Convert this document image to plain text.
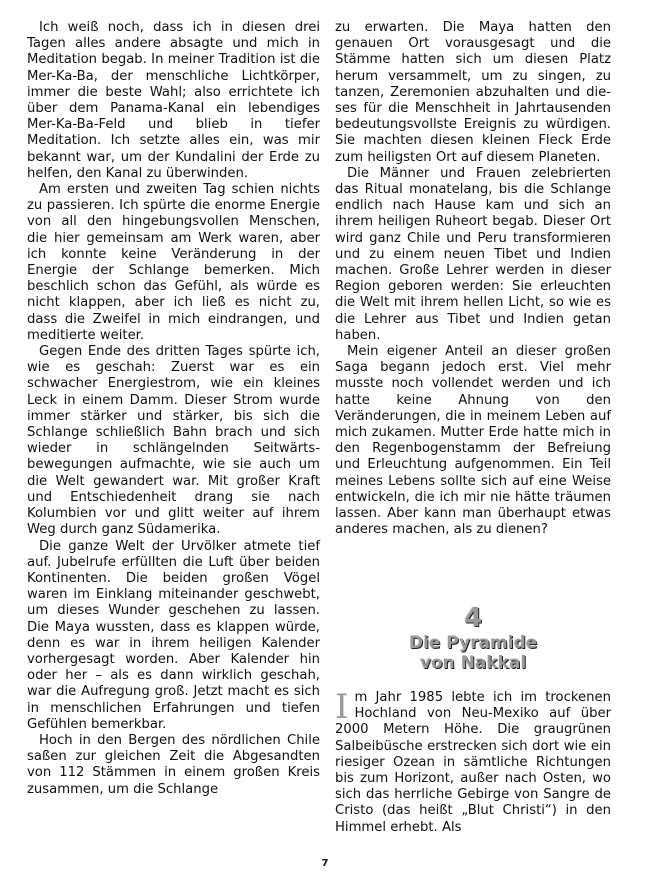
Ich weiß noch, dass ich in diesen drei Tagen alles andere absagte und mich in Meditation begab. In meiner Tradition ist die Mer-Ka-Ba, der menschliche Lichtkörper, immer die beste Wahl; also errichtete ich über dem Panama-Kanal ein lebendiges Mer-Ka-Ba-Feld und blieb in tiefer Meditation. Ich setzte alles ein, was mir bekannt war, um der Kundalini der Erde zu helfen, den Kanal zu überwinden.

Am ersten und zweiten Tag schien nichts zu passieren. Ich spürte die enorme Energie von all den hingebungsvollen Menschen, die hier gemeinsam am Werk waren, aber ich konnte keine Veränderung in der Energie der Schlange bemerken. Mich beschlich schon das Gefühl, als würde es nicht klappen, aber ich ließ es nicht zu, dass die Zweifel in mich eindrangen, und meditierte weiter.

Gegen Ende des dritten Tages spürte ich, wie es geschah: Zuerst war es ein schwacher Energiestrom, wie ein kleines Leck in einem Damm. Dieser Strom wurde immer stärker und stärker, bis sich die Schlange schließlich Bahn brach und sich wieder in schlängelnden Seitwärtsbewegungen aufmachte, wie sie auch um die Welt gewandert war. Mit großer Kraft und Entschiedenheit drang sie nach Kolumbien vor und glitt weiter auf ihrem Weg durch ganz Südamerika.

Die ganze Welt der Urvölker atmete tief auf. Jubelrufe erfüllten die Luft über beiden Kontinenten. Die beiden großen Vögel waren im Einklang miteinander geschwebt, um dieses Wunder geschehen zu lassen. Die Maya wussten, dass es klappen würde, denn es war in ihrem heiligen Kalender vorhergesagt worden. Aber Kalender hin oder her – als es dann wirklich geschah, war die Aufregung groß. Jetzt macht es sich in menschlichen Erfahrungen und tiefen Gefühlen bemerkbar.

Hoch in den Bergen des nördlichen Chile saßen zur gleichen Zeit die Abgesandten von 112 Stämmen in einem großen Kreis zusammen, um die Schlange

zu erwarten. Die Maya hatten den genauen Ort vorausgesagt und die Stämme hatten sich um diesen Platz herum versammelt, um zu singen, zu tanzen, Zeremonien abzuhalten und dieses für die Menschheit in Jahrtausenden bedeutungsvollste Ereignis zu würdigen. Sie machten diesen kleinen Fleck Erde zum heiligsten Ort auf diesem Planeten.

Die Männer und Frauen zelebrierten das Ritual monatelang, bis die Schlange endlich nach Hause kam und sich an ihrem heiligen Ruheort begab. Dieser Ort wird ganz Chile und Peru transformieren und zu einem neuen Tibet und Indien machen. Große Lehrer werden in dieser Region geboren werden: Sie erleuchten die Welt mit ihrem hellen Licht, so wie es die Lehrer aus Tibet und Indien getan haben.

Mein eigener Anteil an dieser großen Saga begann jedoch erst. Viel mehr musste noch vollendet werden und ich hatte keine Ahnung von den Veränderungen, die in meinem Leben auf mich zukamen. Mutter Erde hatte mich in den Regenbogenstamm der Befreiung und Erleuchtung aufgenommen. Ein Teil meines Lebens sollte sich auf eine Weise entwickeln, die ich mir nie hätte träumen lassen. Aber kann man überhaupt etwas anderes machen, als zu dienen?

4
Die Pyramide
von Nakkal

Im Jahr 1985 lebte ich im trockenen Hochland von Neu-Mexiko auf über 2000 Metern Höhe. Die graugrünen Salbeibüsche erstrecken sich dort wie ein riesiger Ozean in sämtliche Richtungen bis zum Horizont, außer nach Osten, wo sich das herrliche Gebirge von Sangre de Cristo (das heißt „Blut Christi“) in den Himmel erhebt. Als

7
